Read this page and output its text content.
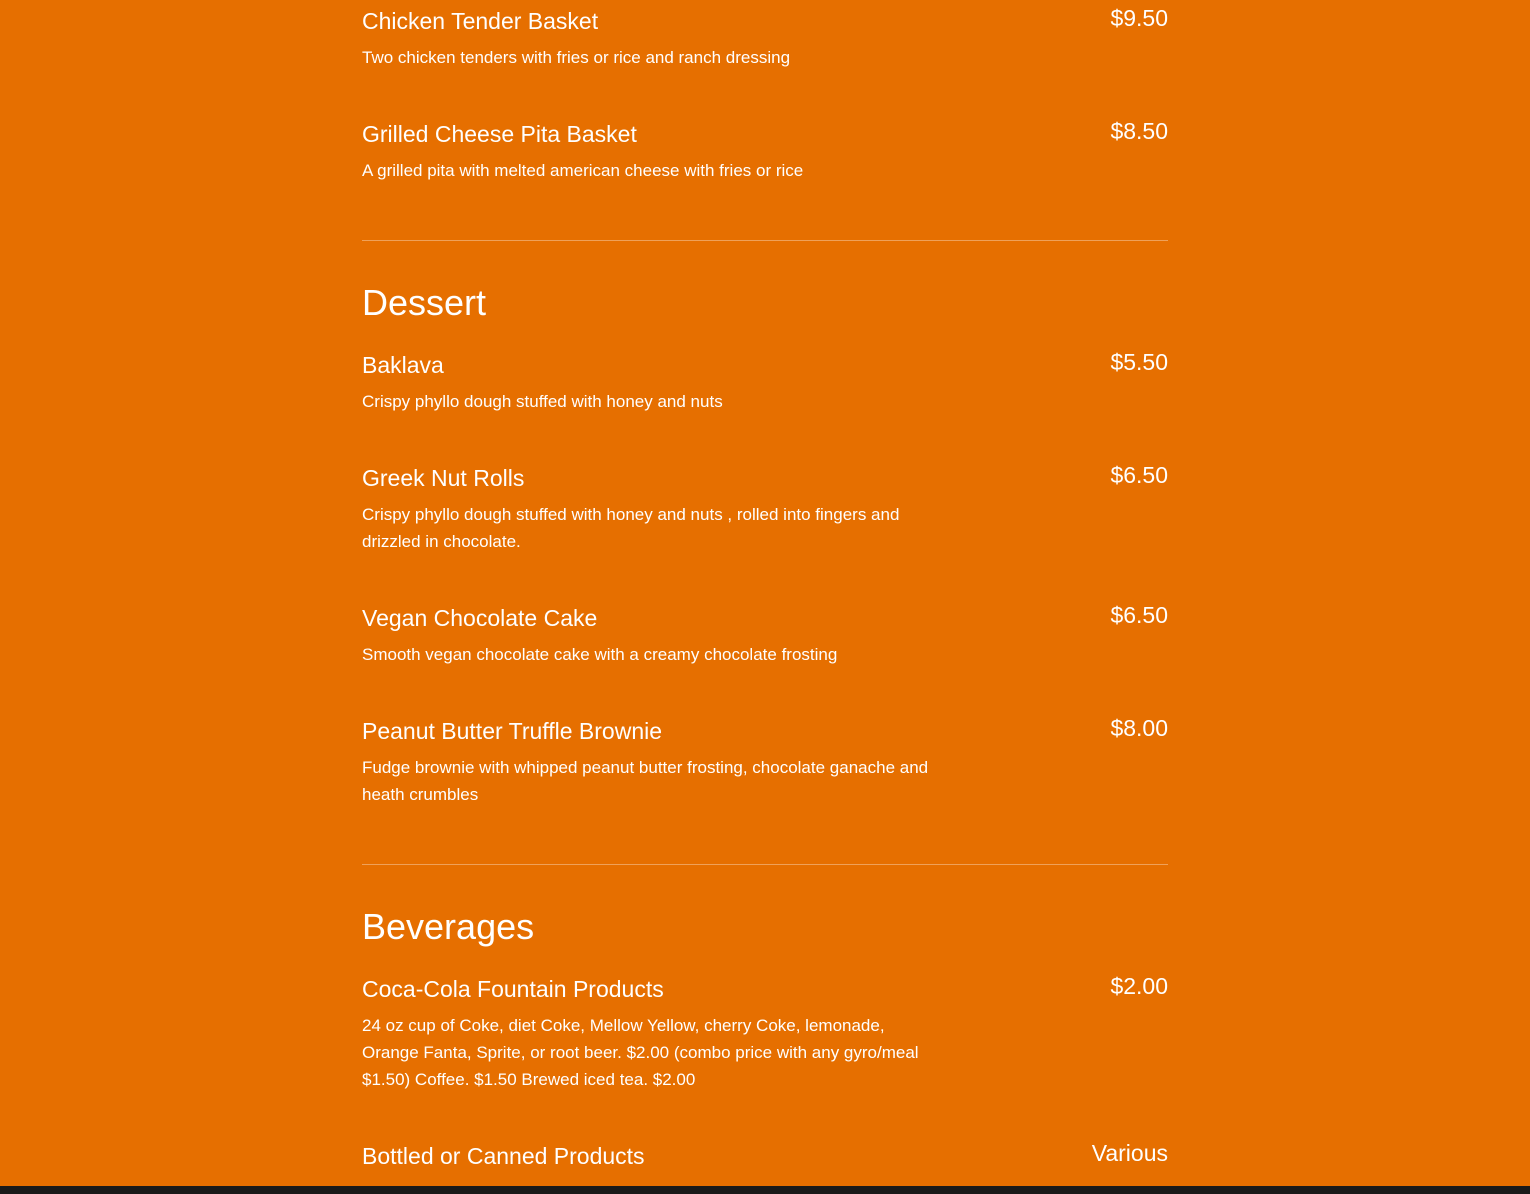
Chicken Tender Basket	$9.50
Two chicken tenders with fries or rice and ranch dressing
Grilled Cheese Pita Basket	$8.50
A grilled pita with melted american cheese with fries or rice
Dessert
Baklava	$5.50
Crispy phyllo dough stuffed with honey and nuts
Greek Nut Rolls	$6.50
Crispy phyllo dough stuffed with honey and nuts , rolled into fingers and drizzled in chocolate.
Vegan Chocolate Cake	$6.50
Smooth vegan chocolate cake with a creamy chocolate frosting
Peanut Butter Truffle Brownie	$8.00
Fudge brownie with whipped peanut butter frosting, chocolate ganache and heath crumbles
Beverages
Coca-Cola Fountain Products	$2.00
24 oz cup of Coke, diet Coke, Mellow Yellow, cherry Coke, lemonade, Orange Fanta, Sprite, or root beer. $2.00 (combo price with any gyro/meal $1.50) Coffee. $1.50 Brewed iced tea. $2.00
Bottled or Canned Products	Various
